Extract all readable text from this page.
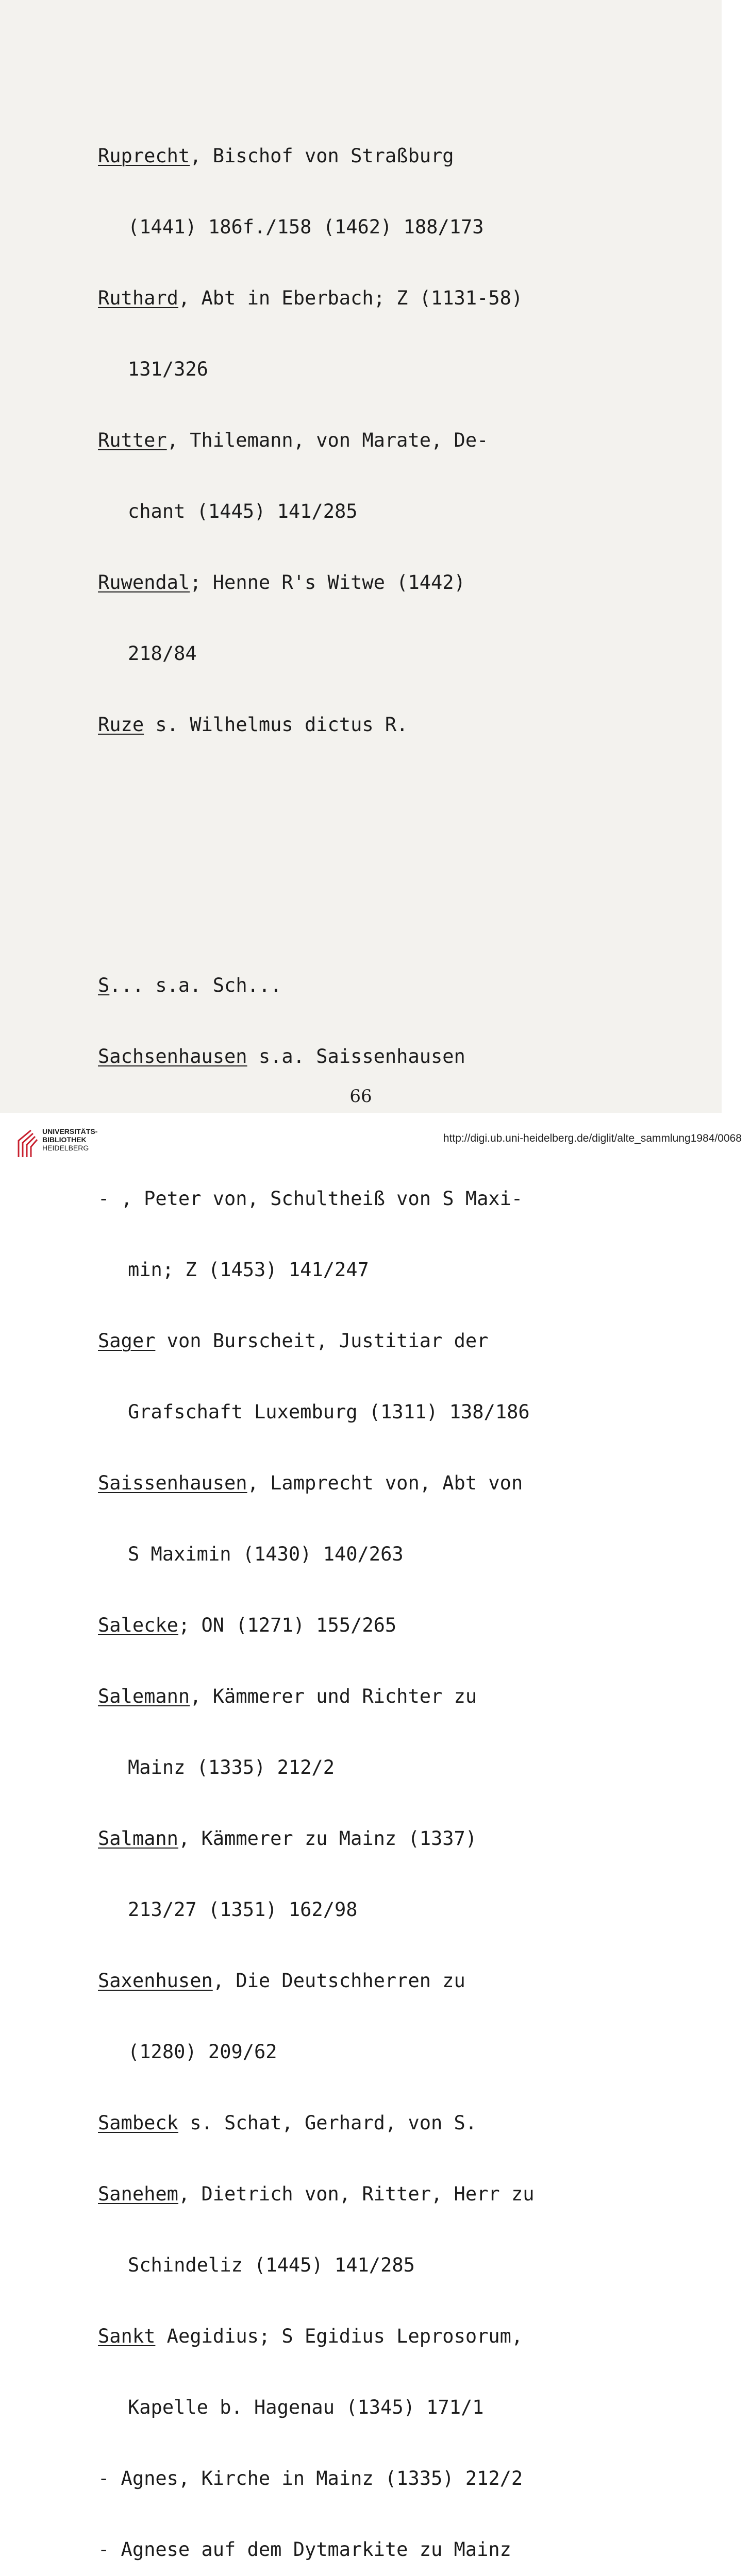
Ruprecht, Bischof von Straßburg

(1441) 186f./158 (1462) 188/173

Ruthard, Abt in Eberbach; Z (1131-58)

131/326

Rutter, Thilemann, von Marate, De-

chant (1445) 141/285

Ruwendal; Henne R's Witwe (1442)

218/84

Ruze s. Wilhelmus dictus R.

S... s.a. Sch...

Sachsenhausen s.a. Saissenhausen

- , Peter von, Schultheiß von S Maxi-

min; Z (1453) 141/247

Sager von Burscheit, Justitiar der

Grafschaft Luxemburg (1311) 138/186

Saissenhausen, Lamprecht von, Abt von

S Maximin (1430) 140/263

Salecke; ON (1271) 155/265

Salemann, Kämmerer und Richter zu

Mainz (1335) 212/2

Salmann, Kämmerer zu Mainz (1337)

213/27 (1351) 162/98

Saxenhusen, Die Deutschherren zu

(1280) 209/62

Sambeck s. Schat, Gerhard, von S.

Sanehem, Dietrich von, Ritter, Herr zu

Schindeliz (1445) 141/285

Sankt Aegidius; S Egidius Leprosorum,

Kapelle b. Hagenau (1345) 171/1

- Agnes, Kirche in Mainz (1335) 212/2

- Agnese auf dem Dytmarkite zu Mainz

66
UNIVERSITÄTS-
BIBLIOTHEK
HEIDELBERG
http://digi.ub.uni-heidelberg.de/diglit/alte_sammlung1984/0068
